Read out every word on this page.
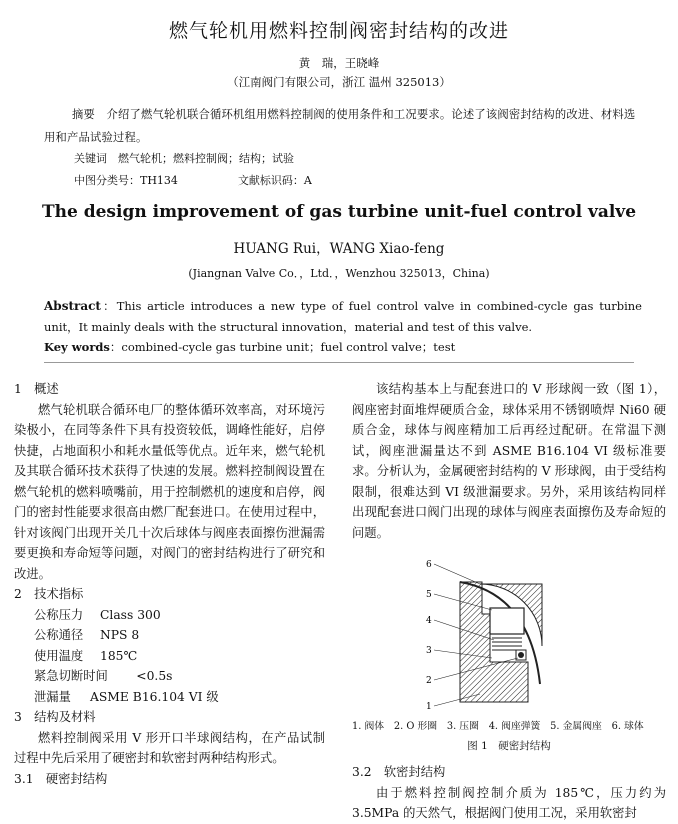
燃气轮机用燃料控制阀密封结构的改进
黄　瑞，王晓峰
（江南阀门有限公司，浙江 温州 325013）
摘要　介绍了燃气轮机联合循环机组用燃料控制阀的使用条件和工况要求。论述了该阀密封结构的改进、材料选用和产品试验过程。
关键词　燃气轮机；燃料控制阀；结构；试验
中图分类号：TH134	文献标识码：A
The design improvement of gas turbine unit-fuel control valve
HUANG Rui，WANG Xiao-feng
(Jiangnan Valve Co．，Ltd．，Wenzhou 325013，China)
Abstract：This article introduces a new type of fuel control valve in combined-cycle gas turbine unit，It mainly deals with the structural innovation，material and test of this valve.
Key words：combined-cycle gas turbine unit；fuel control valve；test
1　概述
燃气轮机联合循环电厂的整体循环效率高，对环境污染极小，在同等条件下具有投资较低，调峰性能好，启停快捷，占地面积小和耗水量低等优点。近年来，燃气轮机及其联合循环技术获得了快速的发展。燃料控制阀设置在燃气轮机的燃料喷嘴前，用于控制燃机的速度和启停，阀门的密封性能要求很高由燃厂配套进口。在使用过程中，针对该阀门出现开关几十次后球体与阀座表面擦伤泄漏需要更换和寿命短等问题，对阀门的密封结构进行了研究和改进。
2　技术指标
公称压力 Class 300
公称通径 NPS 8
使用温度 185℃
紧急切断时间　<0.5s
泄漏量 ASME B16.104 VI 级
3　结构及材料
燃料控制阀采用 V 形开口半球阀结构，在产品试制过程中先后采用了硬密封和软密封两种结构形式。
3.1　硬密封结构
该结构基本上与配套进口的 V 形球阀一致（图 1），阀座密封面堆焊硬质合金，球体采用不锈钢喷焊 Ni60 硬质合金，球体与阀座精加工后再经过配研。在常温下测试，阀座泄漏量达不到 ASME B16.104 VI 级标准要求。分析认为，金属硬密封结构的 V 形球阀，由于受结构限制，很难达到 VI 级泄漏要求。另外，采用该结构同样出现配套进口阀门出现的球体与阀座表面擦伤及寿命短的问题。
6
5
4
3
2
1
1. 阀体　2. O 形圈　3. 压圈　4. 阀座弹簧　5. 金属阀座　6. 球体
图 1　硬密封结构
3.2　软密封结构
由于燃料控制阀控制介质为 185℃，压力约为 3.5MPa 的天然气，根据阀门使用工况，采用软密封
